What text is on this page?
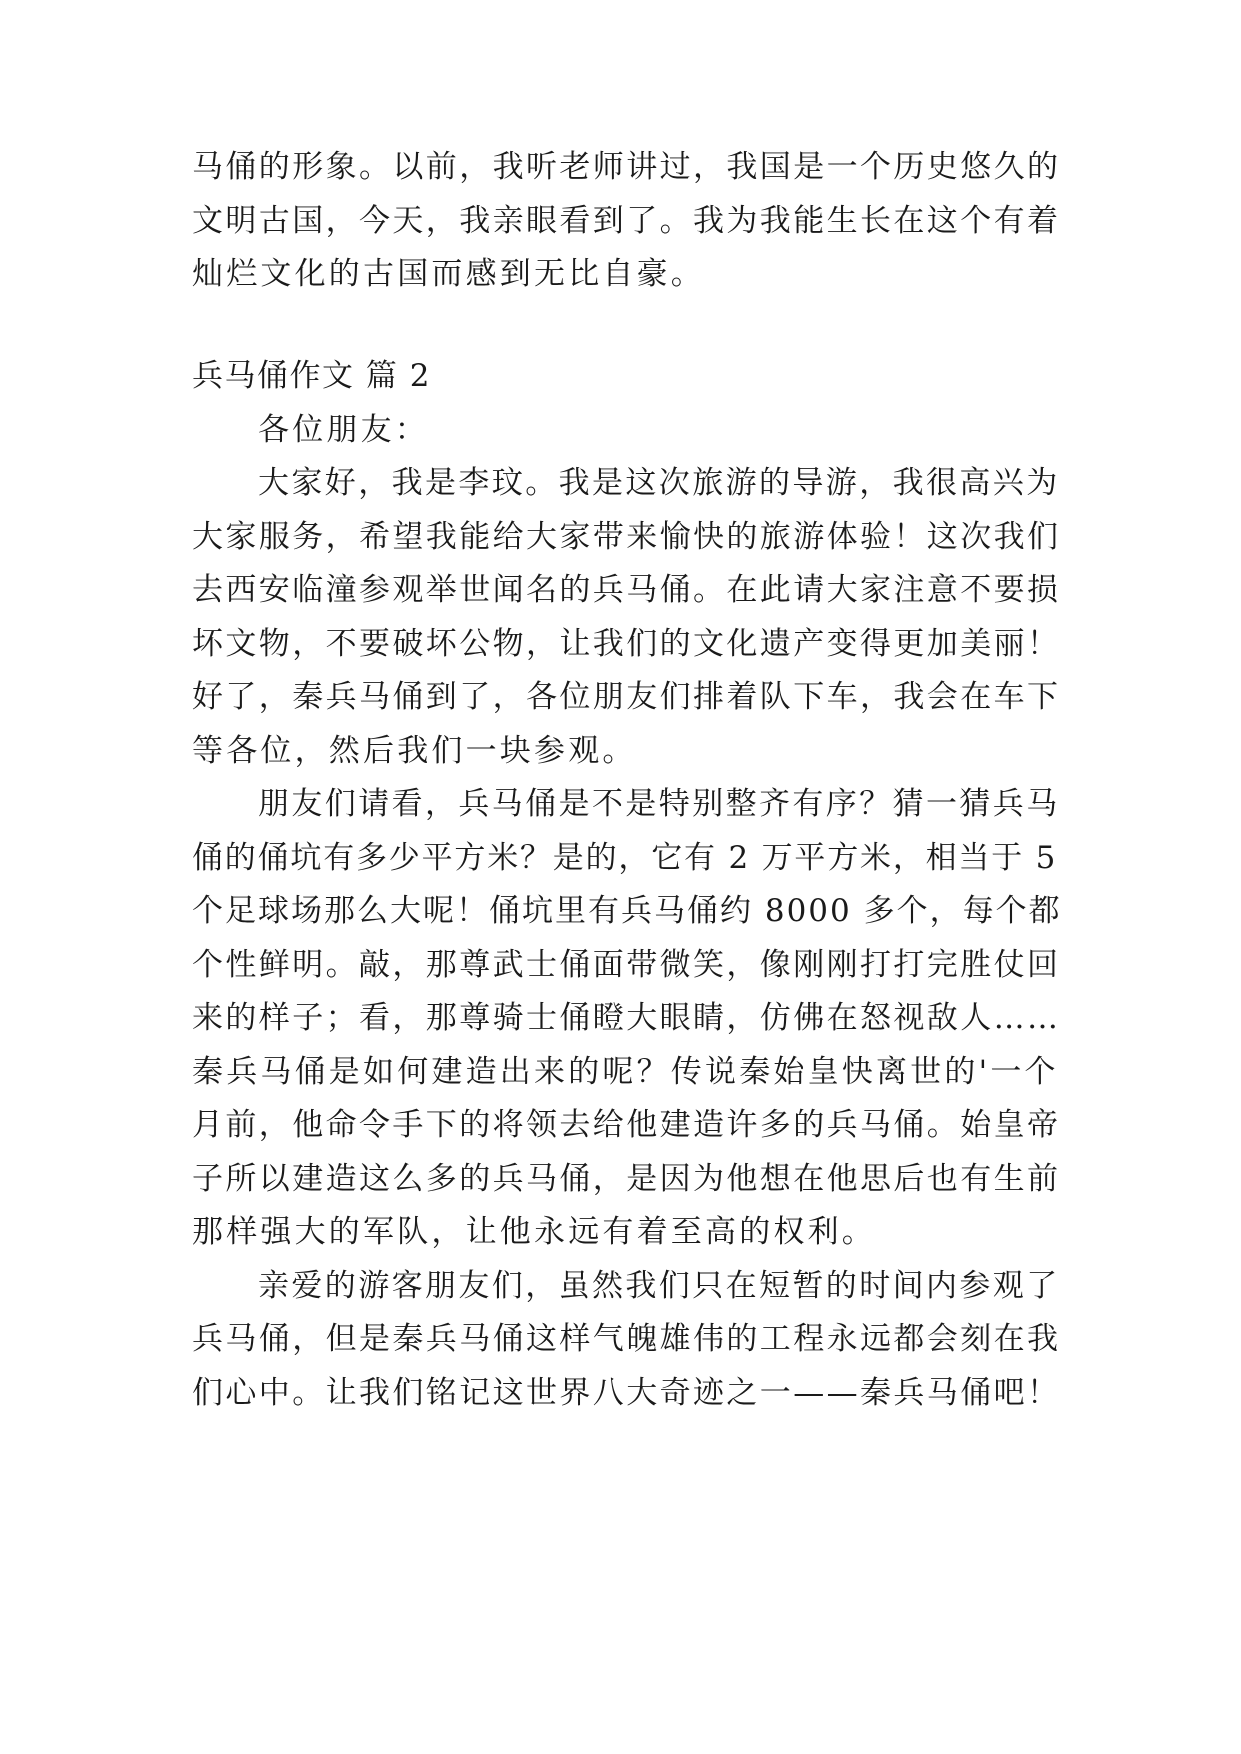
马俑的形象。以前，我听老师讲过，我国是一个历史悠久的
文明古国，今天，我亲眼看到了。我为我能生长在这个有着
灿烂文化的古国而感到无比自豪。
兵马俑作文 篇 2
各位朋友：
大家好，我是李玟。我是这次旅游的导游，我很高兴为
大家服务，希望我能给大家带来愉快的旅游体验！这次我们
去西安临潼参观举世闻名的兵马俑。在此请大家注意不要损
坏文物，不要破坏公物，让我们的文化遗产变得更加美丽！
好了，秦兵马俑到了，各位朋友们排着队下车，我会在车下
等各位，然后我们一块参观。
朋友们请看，兵马俑是不是特别整齐有序？猜一猜兵马
俑的俑坑有多少平方米？是的，它有 2 万平方米，相当于 5
个足球场那么大呢！俑坑里有兵马俑约 8000 多个，每个都
个性鲜明。敲，那尊武士俑面带微笑，像刚刚打打完胜仗回
来的样子；看，那尊骑士俑瞪大眼睛，仿佛在怒视敌人……
秦兵马俑是如何建造出来的呢？传说秦始皇快离世的'一个
月前，他命令手下的将领去给他建造许多的兵马俑。始皇帝
子所以建造这么多的兵马俑，是因为他想在他思后也有生前
那样强大的军队，让他永远有着至高的权利。
亲爱的游客朋友们，虽然我们只在短暂的时间内参观了
兵马俑，但是秦兵马俑这样气魄雄伟的工程永远都会刻在我
们心中。让我们铭记这世界八大奇迹之一——秦兵马俑吧！
